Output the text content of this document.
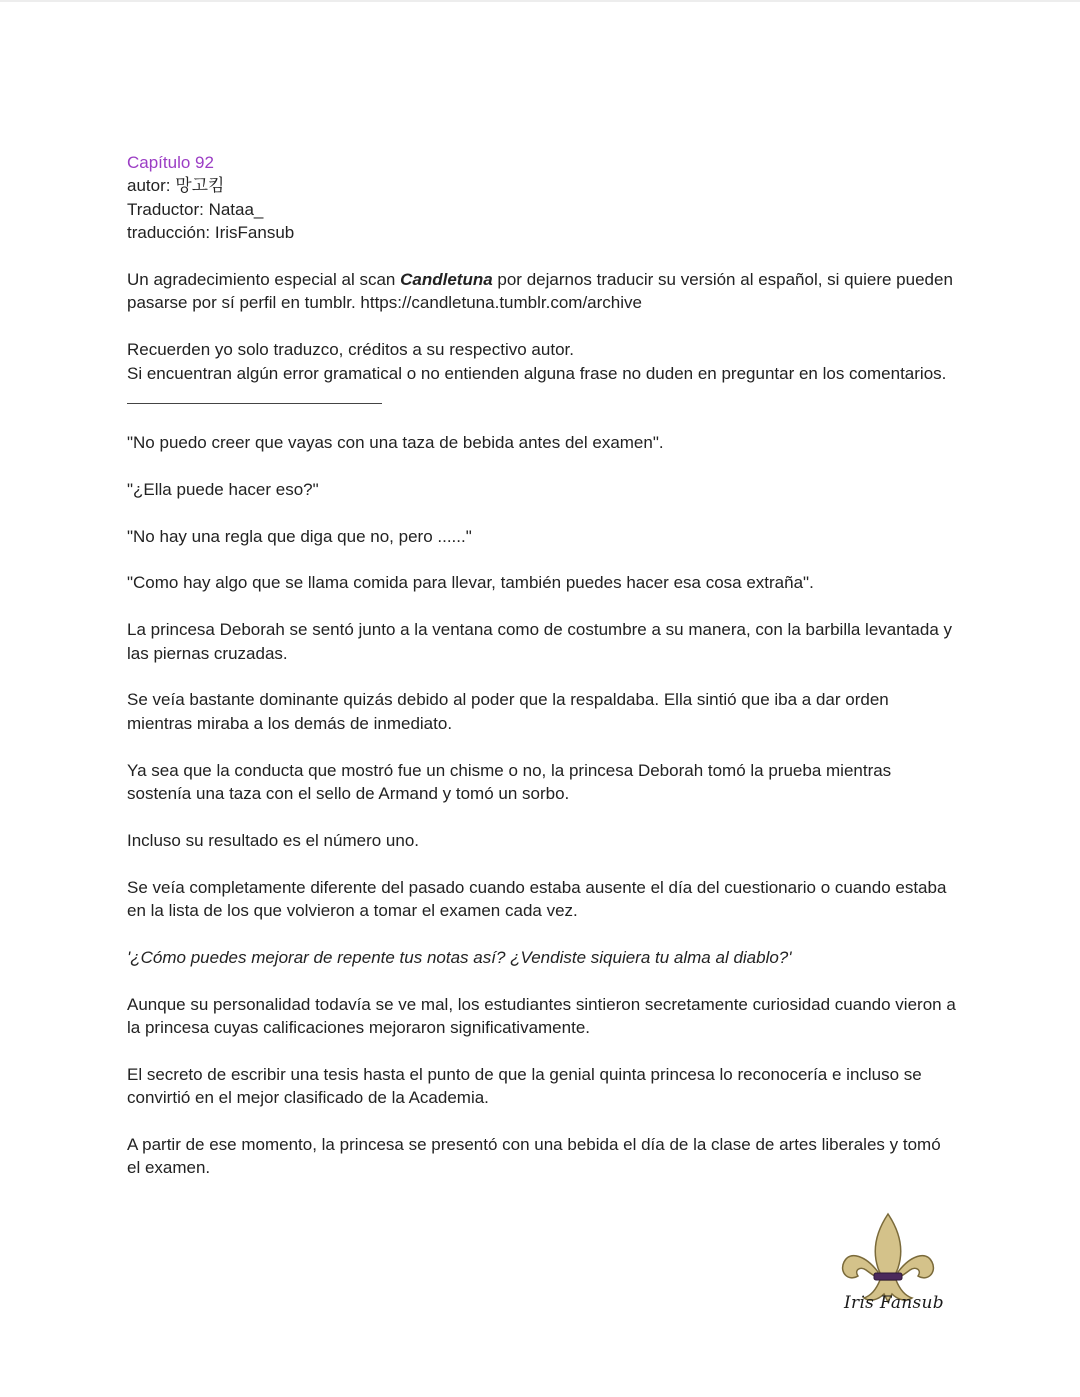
Capítulo 92

autor: 망고킴

Traductor: Nataa_

traducción: IrisFansub

Un agradecimiento especial al scan Candletuna por dejarnos traducir su versión al español, si quiere pueden pasarse por sí perfil en tumblr. https://candletuna.tumblr.com/archive

Recuerden yo solo traduzco, créditos a su respectivo autor.

Si encuentran algún error gramatical o no entienden alguna frase no duden en preguntar en los comentarios.

"No puedo creer que vayas con una taza de bebida antes del examen".

"¿Ella puede hacer eso?"

"No hay una regla que diga que no, pero ......"

"Como hay algo que se llama comida para llevar, también puedes hacer esa cosa extraña".

La princesa Deborah se sentó junto a la ventana como de costumbre a su manera, con la barbilla levantada y las piernas cruzadas.

Se veía bastante dominante quizás debido al poder que la respaldaba. Ella sintió que iba a dar orden mientras miraba a los demás de inmediato.

Ya sea que la conducta que mostró fue un chisme o no, la princesa Deborah tomó la prueba mientras sostenía una taza con el sello de Armand y tomó un sorbo.

Incluso su resultado es el número uno.

Se veía completamente diferente del pasado cuando estaba ausente el día del cuestionario o cuando estaba en la lista de los que volvieron a tomar el examen cada vez.

'¿Cómo puedes mejorar de repente tus notas así? ¿Vendiste siquiera tu alma al diablo?'

Aunque su personalidad todavía se ve mal, los estudiantes sintieron secretamente curiosidad cuando vieron a la princesa cuyas calificaciones mejoraron significativamente.

El secreto de escribir una tesis hasta el punto de que la genial quinta princesa lo reconocería e incluso se convirtió en el mejor clasificado de la Academia.

A partir de ese momento, la princesa se presentó con una bebida el día de la clase de artes liberales y tomó el examen.

Iris Fansub
